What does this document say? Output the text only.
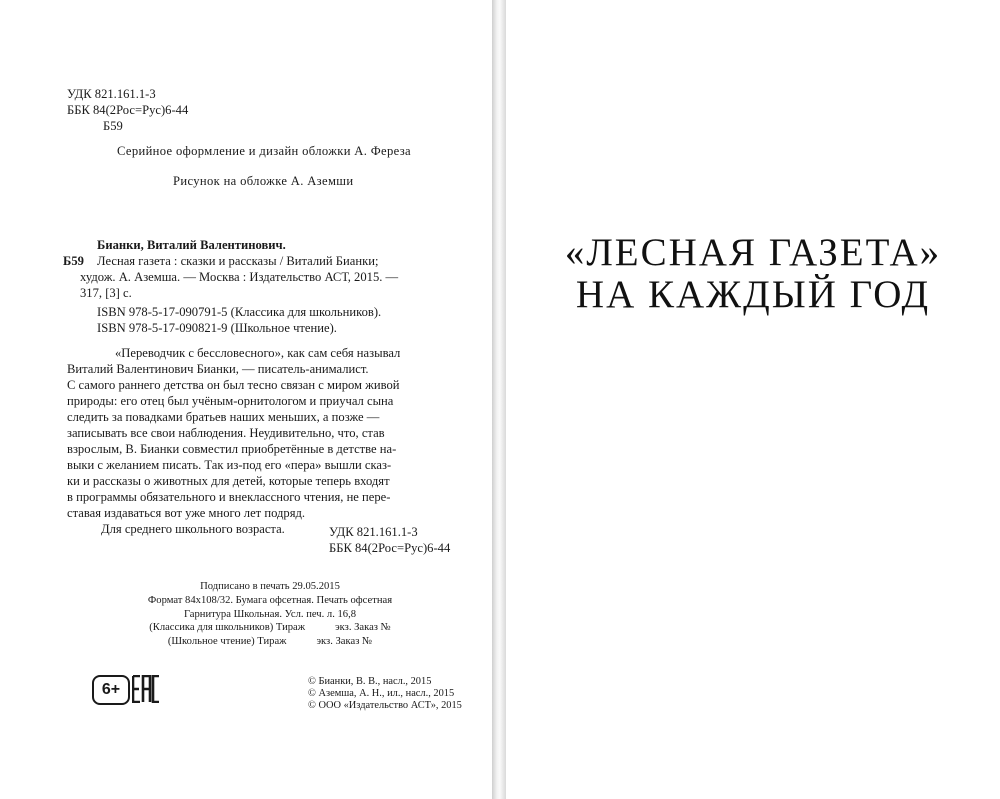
УДК 821.161.1-3
ББК 84(2Рос=Рус)6-44
Б59
Серийное оформление и дизайн обложки А. Фереза
Рисунок на обложке А. Аземши
Б59
Бианки, Виталий Валентинович.
Лесная газета : сказки и рассказы / Виталий Бианки;
худож. А. Аземша. — Москва : Издательство АСТ, 2015. —
317, [3] с.
ISBN 978-5-17-090791-5 (Классика для школьников).
ISBN 978-5-17-090821-9 (Школьное чтение).

«Переводчик с бессловесного», как сам себя называл

Виталий Валентинович Бианки, — писатель-анималист.

С самого раннего детства он был тесно связан с миром живой

природы: его отец был учёным-орнитологом и приучал сына

следить за повадками братьев наших меньших, а позже —

записывать все свои наблюдения. Неудивительно, что, став

взрослым, В. Бианки совместил приобретённые в детстве на-

выки с желанием писать. Так из-под его «пера» вышли сказ-

ки и рассказы о животных для детей, которые теперь входят

в программы обязательного и внеклассного чтения, не пере-

ставая издаваться вот уже много лет подряд.

Для среднего школьного возраста.	УДК 821.161.1-3
ББК 84(2Рос=Рус)6-44
Подписано в печать 29.05.2015
Формат 84x108/32. Бумага офсетная. Печать офсетная
Гарнитура Школьная. Усл. печ. л. 16,8
(Классика для школьников) Тираж	экз. Заказ №
(Школьное чтение) Тираж	экз. Заказ №
6+	© Бианки, В. В., насл., 2015
© Аземша, А. Н., ил., насл., 2015
© ООО «Издательство АСТ», 2015
«ЛЕСНАЯ ГАЗЕТА»
НА КАЖДЫЙ ГОД
